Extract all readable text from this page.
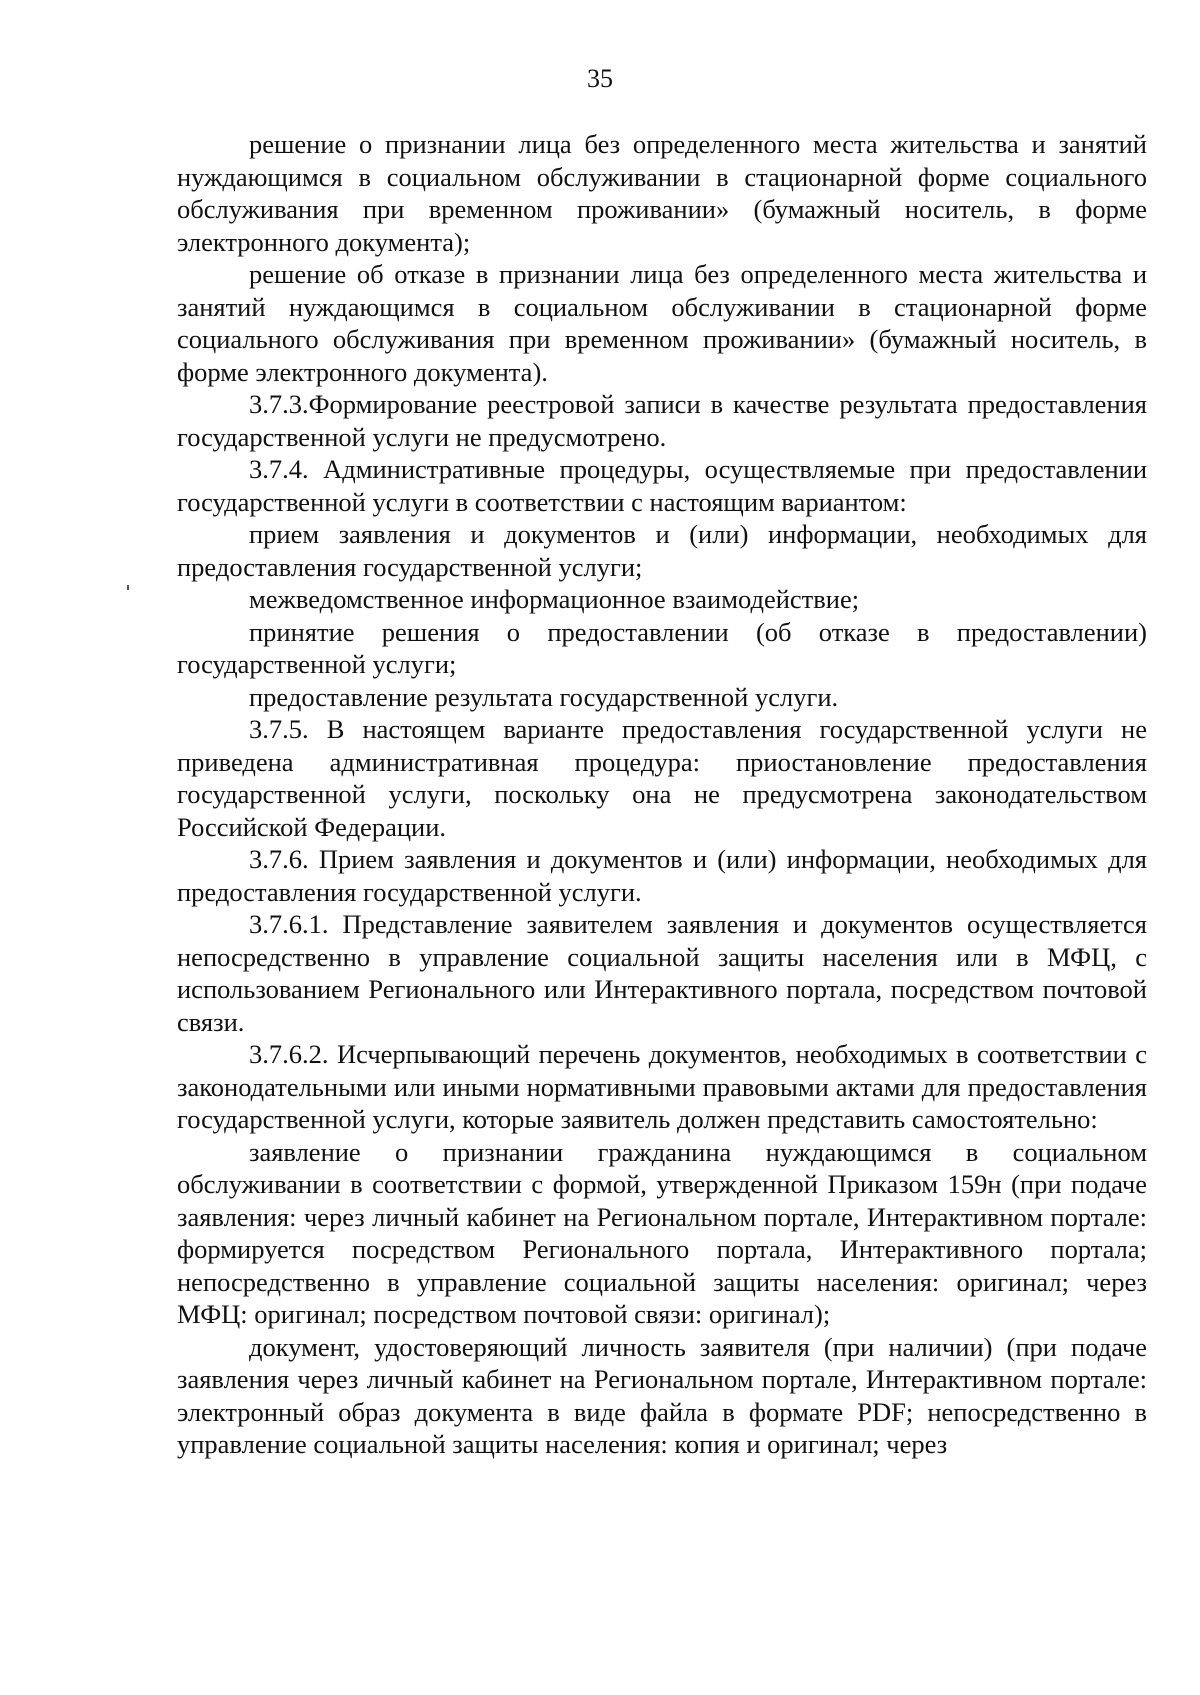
35

решение о признании лица без определенного места жительства и занятий нуждающимся в социальном обслуживании в стационарной форме социального обслуживания при временном проживании» (бумажный носитель, в форме электронного документа);

решение об отказе в признании лица без определенного места жительства и занятий нуждающимся в социальном обслуживании в стационарной форме социального обслуживания при временном проживании» (бумажный носитель, в форме электронного документа).

3.7.3.Формирование реестровой записи в качестве результата предоставления государственной услуги не предусмотрено.

3.7.4. Административные процедуры, осуществляемые при предоставлении государственной услуги в соответствии с настоящим вариантом:

прием заявления и документов и (или) информации, необходимых для предоставления государственной услуги;

межведомственное информационное взаимодействие;

принятие решения о предоставлении (об отказе в предоставлении) государственной услуги;

предоставление результата государственной услуги.

3.7.5. В настоящем варианте предоставления государственной услуги не приведена административная процедура: приостановление предоставления государственной услуги, поскольку она не предусмотрена законодательством Российской Федерации.

3.7.6. Прием заявления и документов и (или) информации, необходимых для предоставления государственной услуги.

3.7.6.1. Представление заявителем заявления и документов осуществляется непосредственно в управление социальной защиты населения или в МФЦ, с использованием Регионального или Интерактивного портала, посредством почтовой связи.

3.7.6.2. Исчерпывающий перечень документов, необходимых в соответствии с законодательными или иными нормативными правовыми актами для предоставления государственной услуги, которые заявитель должен представить самостоятельно:

заявление о признании гражданина нуждающимся в социальном обслуживании в соответствии с формой, утвержденной Приказом 159н (при подаче заявления: через личный кабинет на Региональном портале, Интерактивном портале: формируется посредством Регионального портала, Интерактивного портала; непосредственно в управление социальной защиты населения: оригинал; через МФЦ: оригинал; посредством почтовой связи: оригинал);

документ, удостоверяющий личность заявителя (при наличии) (при подаче заявления через личный кабинет на Региональном портале, Интерактивном портале: электронный образ документа в виде файла в формате PDF; непосредственно в управление социальной защиты населения: копия и оригинал; через
